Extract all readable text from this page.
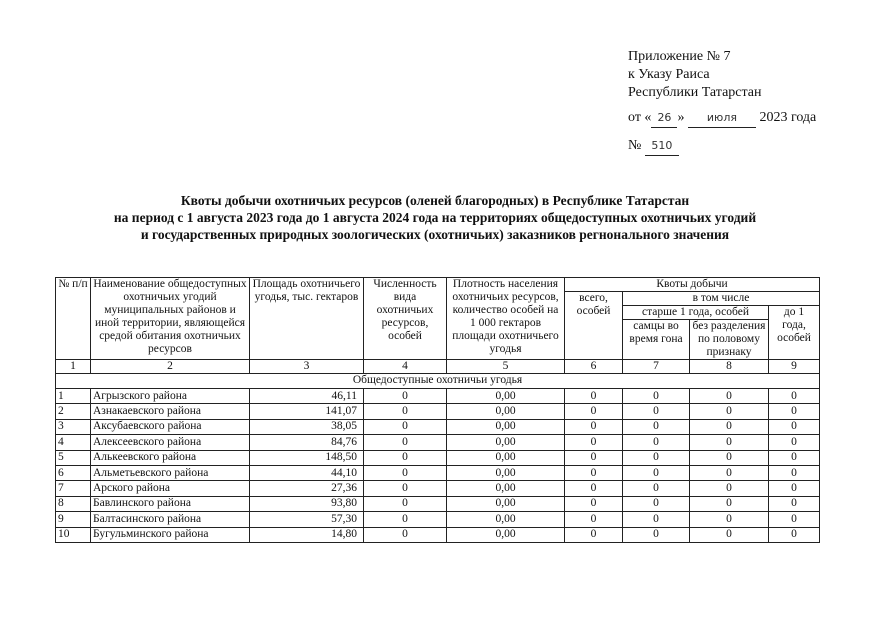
Приложение № 7
к Указу Раиса
Республики Татарстан
от « 26 » июля 2023 года
№ 510
Квоты добычи охотничьих ресурсов (оленей благородных) в Республике Татарстан
на период с 1 августа 2023 года до 1 августа 2024 года на территориях общедоступных охотничьих угодий
и государственных природных зоологических (охотничьих) заказников регнонального значения
№ п/п	Наименование общедоступных охотничьих угодий муниципальных районов и иной территории, являющейся средой обитания охотничьих ресурсов	Площадь охотничьего угодья, тыс. гектаров	Численность вида охотничьих ресурсов, особей	Плотность населения охотничьих ресурсов, количество особей на 1 000 гектаров площади охотничьего угодья	Квоты добычи			
					всего, особей	в том числе		
						старше 1 года, особей		до 1 года, особей
						самцы во время гона	без разделения по половому признаку	
1	2	3	4	5	6	7	8	9
Общедоступные охотничьи угодья								
1	Агрызского района	46,11	0	0,00	0	0	0	0
2	Азнакаевского района	141,07	0	0,00	0	0	0	0
3	Аксубаевского района	38,05	0	0,00	0	0	0	0
4	Алексеевского района	84,76	0	0,00	0	0	0	0
5	Алькеевского района	148,50	0	0,00	0	0	0	0
6	Альметьевского района	44,10	0	0,00	0	0	0	0
7	Арского района	27,36	0	0,00	0	0	0	0
8	Бавлинского района	93,80	0	0,00	0	0	0	0
9	Балтасинского района	57,30	0	0,00	0	0	0	0
10	Бугульминского района	14,80	0	0,00	0	0	0	0
